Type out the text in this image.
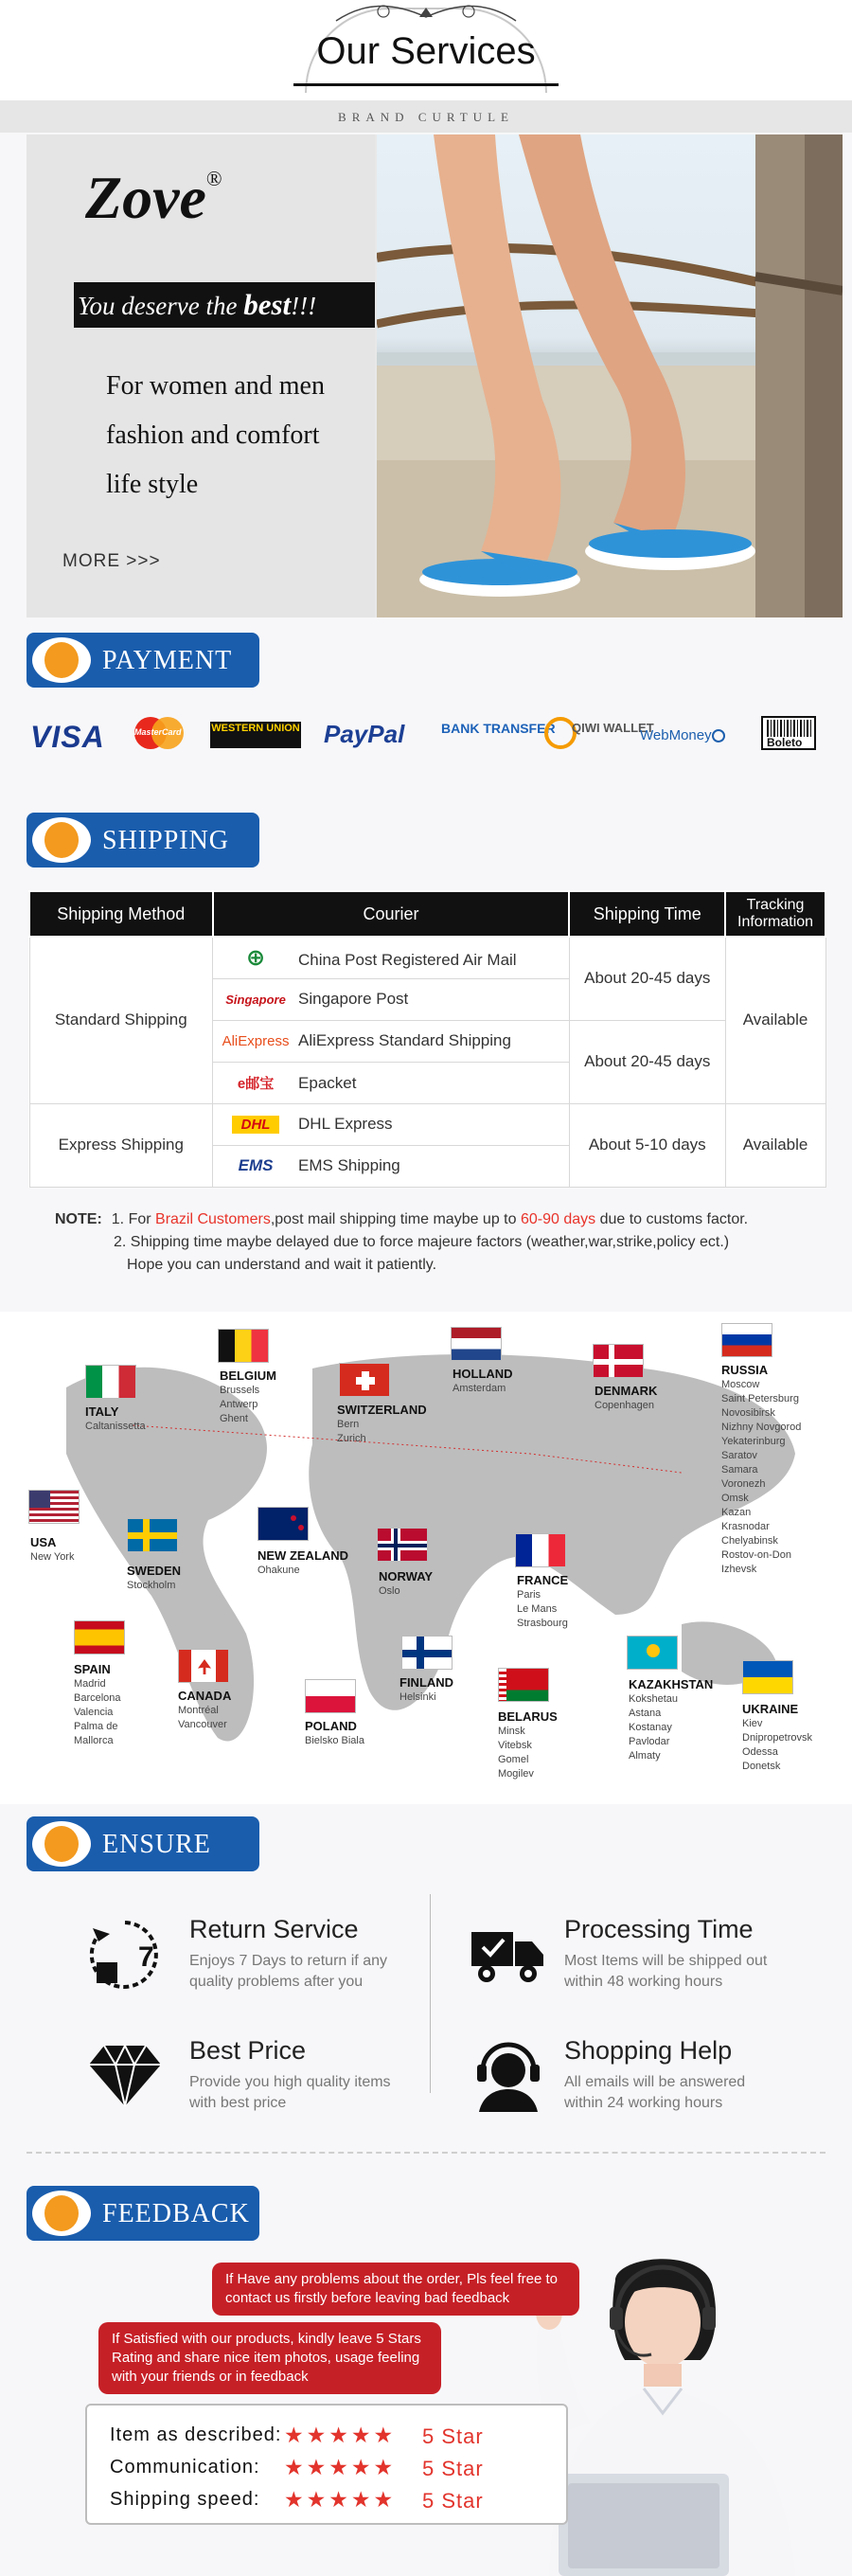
Our Services
BRAND CURTULE
Zove®
You deserve the best!!!
For women and men
fashion and comfort
life style
MORE >>>
PAYMENT
VISA	MasterCard	WESTERN UNION PayPal	BANK TRANSFER QIWI WALLET
WebMoney	Boleto
SHIPPING
Shipping Method	Courier	Shipping Time	Tracking Information
Standard Shipping	⊕ China Post Registered Air Mail	About 20-45 days	Available
	Singapore Singapore Post		
	AliExpress AliExpress Standard Shipping	About 20-45 days	
	e邮宝 Epacket		
Express Shipping	DHL DHL Express	About 5-10 days	Available
	EMS EMS Shipping		
NOTE: 1. For Brazil Customers,post mail shipping time maybe up to 60-90 days due to customs factor.
2. Shipping time maybe delayed due to force majeure factors (weather,war,strike,policy ect.)
Hope you can understand and wait it patiently.
BELGIUM
Brussels
Antwerp
Ghent
HOLLAND
Amsterdam
RUSSIA
Moscow
Saint Petersburg
Novosibirsk
Nizhny Novgorod
Yekaterinburg
Saratov
Samara
Voronezh
Omsk
Kazan
Krasnodar
Chelyabinsk
Rostov-on-Don
Izhevsk
ITALY
Caltanissetta
SWITZERLAND
Bern
Zurich
DENMARK
Copenhagen
USA
New York
SWEDEN
Stockholm
NEW ZEALAND
Ohakune	NORWAY
Oslo
FRANCE
Paris
Le Mans
Strasbourg
SPAIN
Madrid
Barcelona
Valencia
Palma de
Mallorca
CANADA
Montréal
Vancouver	POLAND
Bielsko Biala
FINLAND
Helsinki
BELARUS
Minsk
Vitebsk
Gomel
Mogilev
KAZAKHSTAN
Kokshetau
Astana
Kostanay
Pavlodar
Almaty
UKRAINE
Kiev
Dnipropetrovsk
Odessa
Donetsk
ENSURE
7
Return Service
Enjoys 7 Days to return if any quality problems after you
Processing Time
Most Items will be shipped out within 48 working hours
Best Price
Provide you high quality items with best price
Shopping Help
All emails will be answered within 24 working hours
FEEDBACK
If Have any problems about the order, Pls feel free to contact us firstly before leaving bad feedback
If Satisfied with our products, kindly leave 5 Stars Rating and share nice item photos, usage feeling with your friends or in feedback
Item as described: ★★★★★ 5 Star
Communication: ★★★★★ 5 Star
Shipping speed: ★★★★★ 5 Star
